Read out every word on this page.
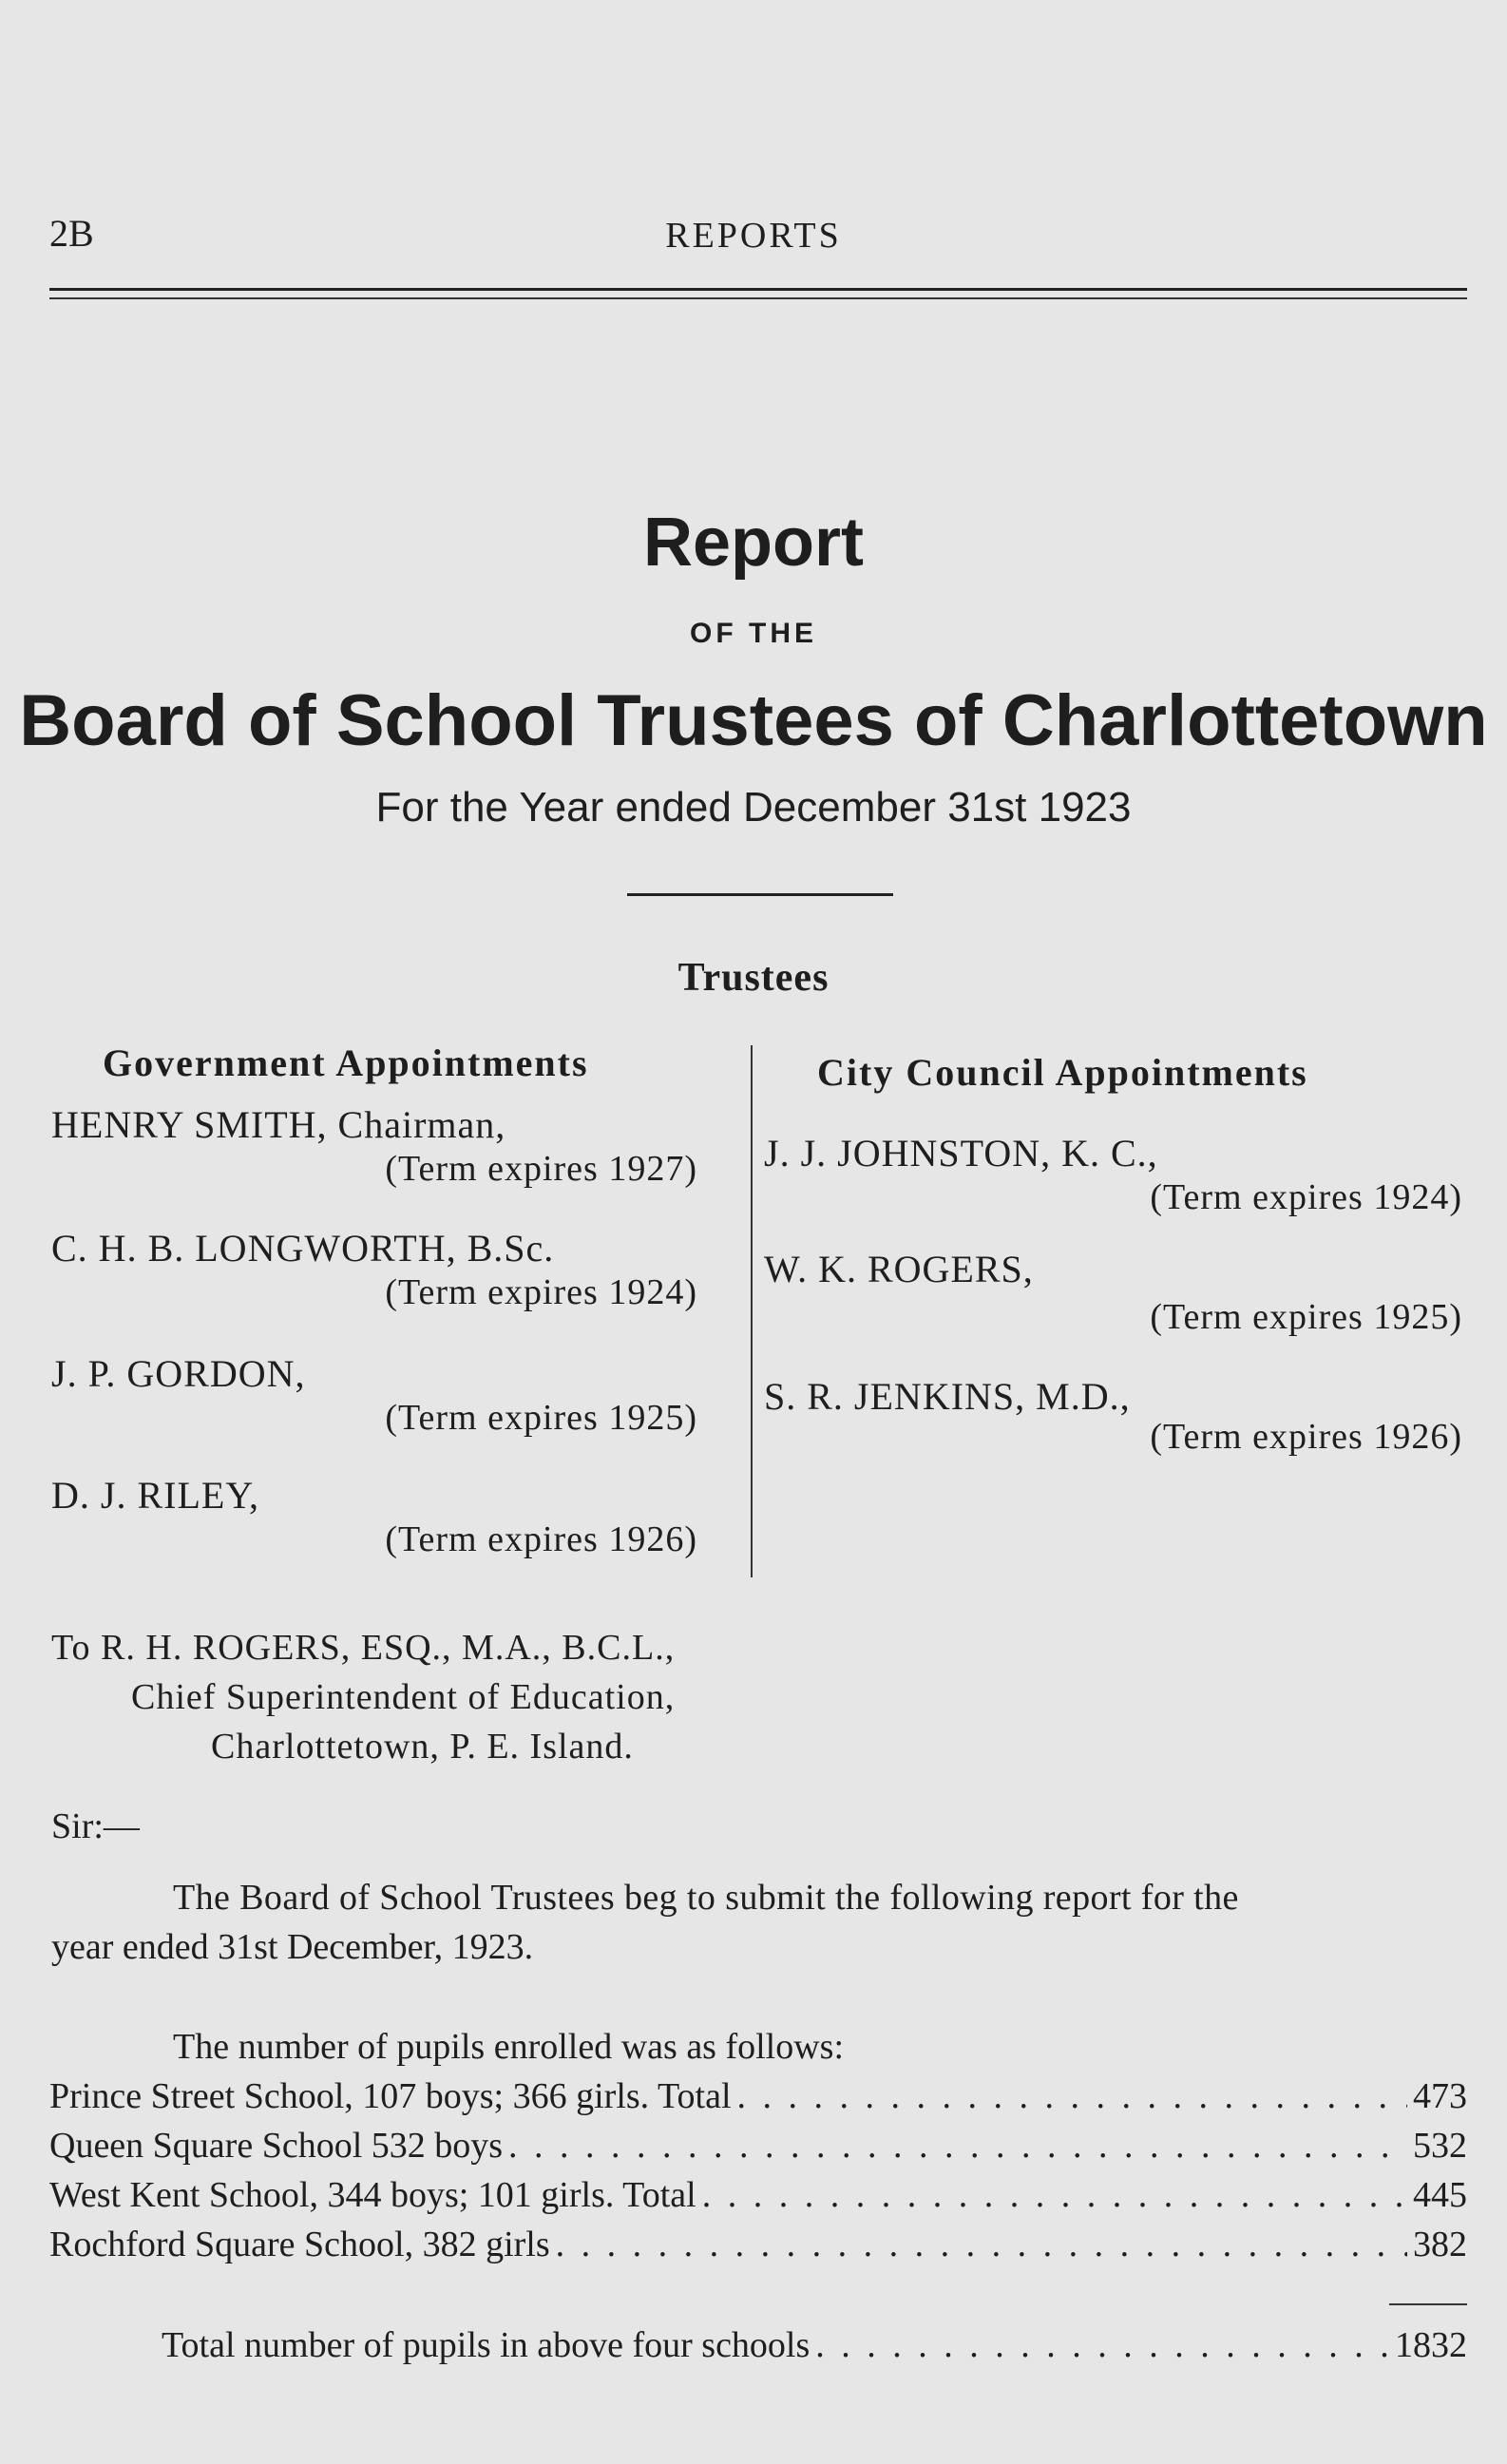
2B	REPORTS
Report
OF THE
Board of School Trustees of Charlottetown
For the Year ended December 31st 1923
Trustees
Government Appointments	City Council Appointments
HENRY SMITH, Chairman,
(Term expires 1927)
C. H. B. LONGWORTH, B.Sc.
(Term expires 1924)
J. P. GORDON,
(Term expires 1925)
D. J. RILEY,
(Term expires 1926)
J. J. JOHNSTON, K. C.,
(Term expires 1924)
W. K. ROGERS,
(Term expires 1925)
S. R. JENKINS, M.D.,
(Term expires 1926)
To R. H. ROGERS, ESQ., M.A., B.C.L.,
Chief Superintendent of Education,
Charlottetown, P. E. Island.
Sir:—
The Board of School Trustees beg to submit the following report for the
year ended 31st December, 1923.
The number of pupils enrolled was as follows:
Prince Street School, 107 boys; 366 girls. Total . . .	473
Queen Square School 532 boys . . .	532
West Kent School, 344 boys; 101 girls. Total . . .	445
Rochford Square School, 382 girls . . .	382
Total number of pupils in above four schools . . .	1832
